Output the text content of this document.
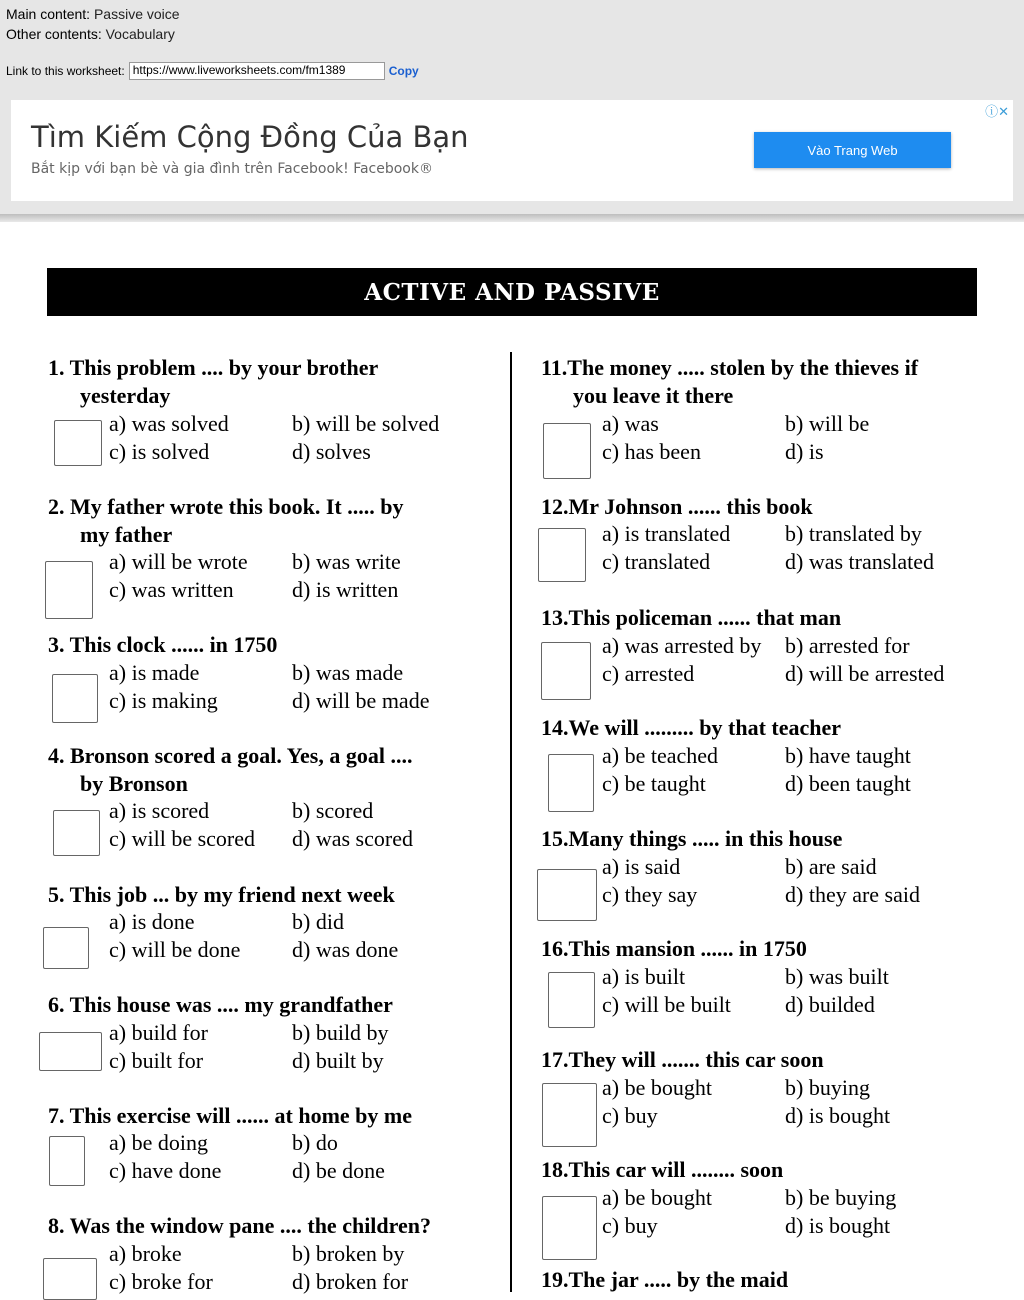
Main content: Passive voice
Other contents: Vocabulary
Link to this worksheet: https://www.liveworksheets.com/fm1389	Copy
Tìm Kiếm Cộng Đồng Của Bạn
Bắt kịp với bạn bè và gia đình trên Facebook! Facebook®
Vào Trang Web
ⓘ✕
ACTIVE AND PASSIVE
1. This problem .... by your brother
yesterday
a) was solved	b) will be solved
c) is solved	d) solves
2. My father wrote this book. It ..... by
my father
a) will be wrote b) was write
c) was written	d) is written
3. This clock ...... in 1750
a) is made	b) was made
c) is making	d) will be made
4. Bronson scored a goal. Yes, a goal ....
by Bronson
a) is scored	b) scored
c) will be scored d) was scored
5. This job ... by my friend next week
a) is done	b) did
c) will be done d) was done
6. This house was .... my grandfather
a) build for	b) build by
c) built for	d) built by
7. This exercise will ...... at home by me
a) be doing	b) do
c) have done	d) be done
8. Was the window pane .... the children?
a) broke	b) broken by
c) broke for	d) broken for
11.The money ..... stolen by the thieves if
you leave it there
a) was	b) will be
c) has been	d) is
12.Mr Johnson ...... this book
a) is translated b) translated by
c) translated	d) was translated
13.This policeman ...... that man
a) was arrested by b) arrested for
c) arrested	d) will be arrested
14.We will ......... by that teacher
a) be teached	b) have taught
c) be taught	d) been taught
15.Many things ..... in this house
a) is said	b) are said
c) they say	d) they are said
16.This mansion ...... in 1750
a) is built	b) was built
c) will be built d) builded
17.They will ....... this car soon
a) be bought	b) buying
c) buy	d) is bought
18.This car will ........ soon
a) be bought	b) be buying
c) buy	d) is bought
19.The jar ..... by the maid
